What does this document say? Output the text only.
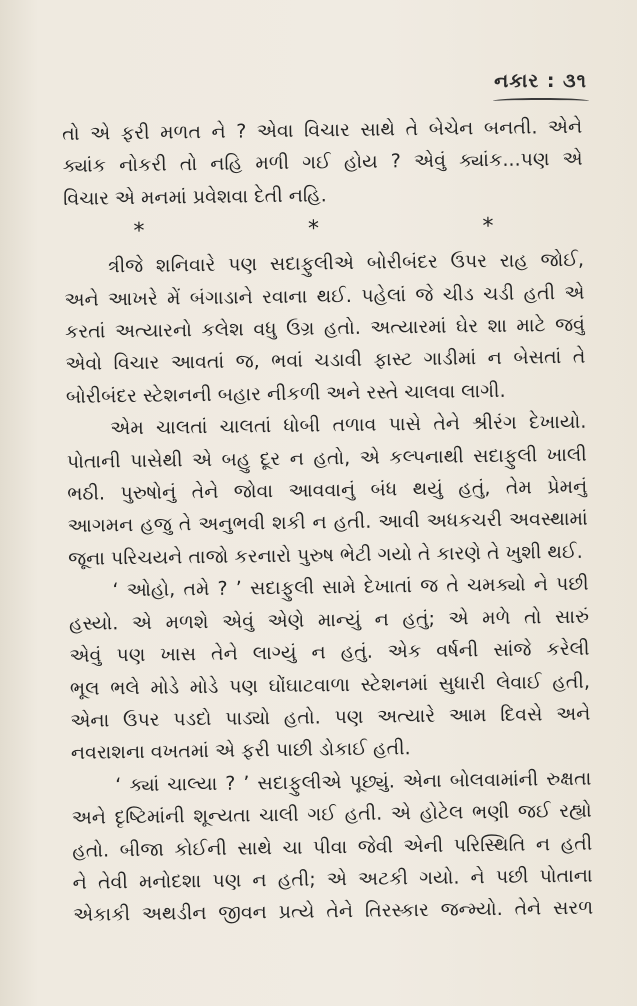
નકાર : ૩૧
તો એ ફરી મળત ને ? એવા વિચાર સાથે તે બેચેન બનતી. એને
ક્યાંક નોકરી તો નહિ મળી ગઈ હોય ? એવું ક્યાંક...પણ એ
વિચાર એ મનમાં પ્રવેશવા દેતી નહિ.
*	*	*
ત્રીજે શનિવારે પણ સદાફુલીએ બોરીબંદર ઉપર રાહ જોઈ,
અને આખરે મેં બંગાડાને રવાના થઈ. પહેલાં જે ચીડ ચડી હતી એ
કરતાં અત્યારનો કલેશ વધુ ઉગ્ર હતો. અત્યારમાં ઘેર શા માટે જવું
એવો વિચાર આવતાં જ, ભવાં ચડાવી ફાસ્ટ ગાડીમાં ન બેસતાં તે
બોરીબંદર સ્ટેશનની બહાર નીકળી અને રસ્તે ચાલવા લાગી.
એમ ચાલતાં ચાલતાં ધોબી તળાવ પાસે તેને શ્રીરંગ દેખાયો.
પોતાની પાસેથી એ બહુ દૂર ન હતો, એ કલ્પનાથી સદાફુલી ખાલી
ભઠી. પુરુષોનું તેને જોવા આવવાનું બંધ થયું હતું, તેમ પ્રેમનું
આગમન હજુ તે અનુભવી શકી ન હતી. આવી અધકચરી અવસ્થામાં
જૂના પરિચયને તાજો કરનારો પુરુષ ભેટી ગયો તે કારણે તે ખુશી થઈ.
‘ ઓહો, તમે ? ’ સદાફુલી સામે દેખાતાં જ તે ચમક્યો ને પછી
હસ્યો. એ મળશે એવું એણે માન્યું ન હતું; એ મળે તો સારું
એવું પણ ખાસ તેને લાગ્યું ન હતું. એક વર્ષની સાંજે કરેલી
ભૂલ ભલે મોડે મોડે પણ ઘોંઘાટવાળા સ્ટેશનમાં સુધારી લેવાઈ હતી,
એના ઉપર પડદો પાડ્યો હતો. પણ અત્યારે આમ દિવસે અને
નવરાશના વખતમાં એ ફરી પાછી ડોકાઈ હતી.
‘ ક્યાં ચાલ્યા ? ’ સદાફુલીએ પૂછ્યું. એના બોલવામાંની રુક્ષતા
અને દૃષ્ટિમાંની શૂન્યતા ચાલી ગઈ હતી. એ હોટેલ ભણી જઈ રહ્યો
હતો. બીજા કોઈની સાથે ચા પીવા જેવી એની પરિસ્થિતિ ન હતી
ને તેવી મનોદશા પણ ન હતી; એ અટકી ગયો. ને પછી પોતાના
એકાકી અથડીન જીવન પ્રત્યે તેને તિરસ્કાર જન્મ્યો. તેને સરળ
